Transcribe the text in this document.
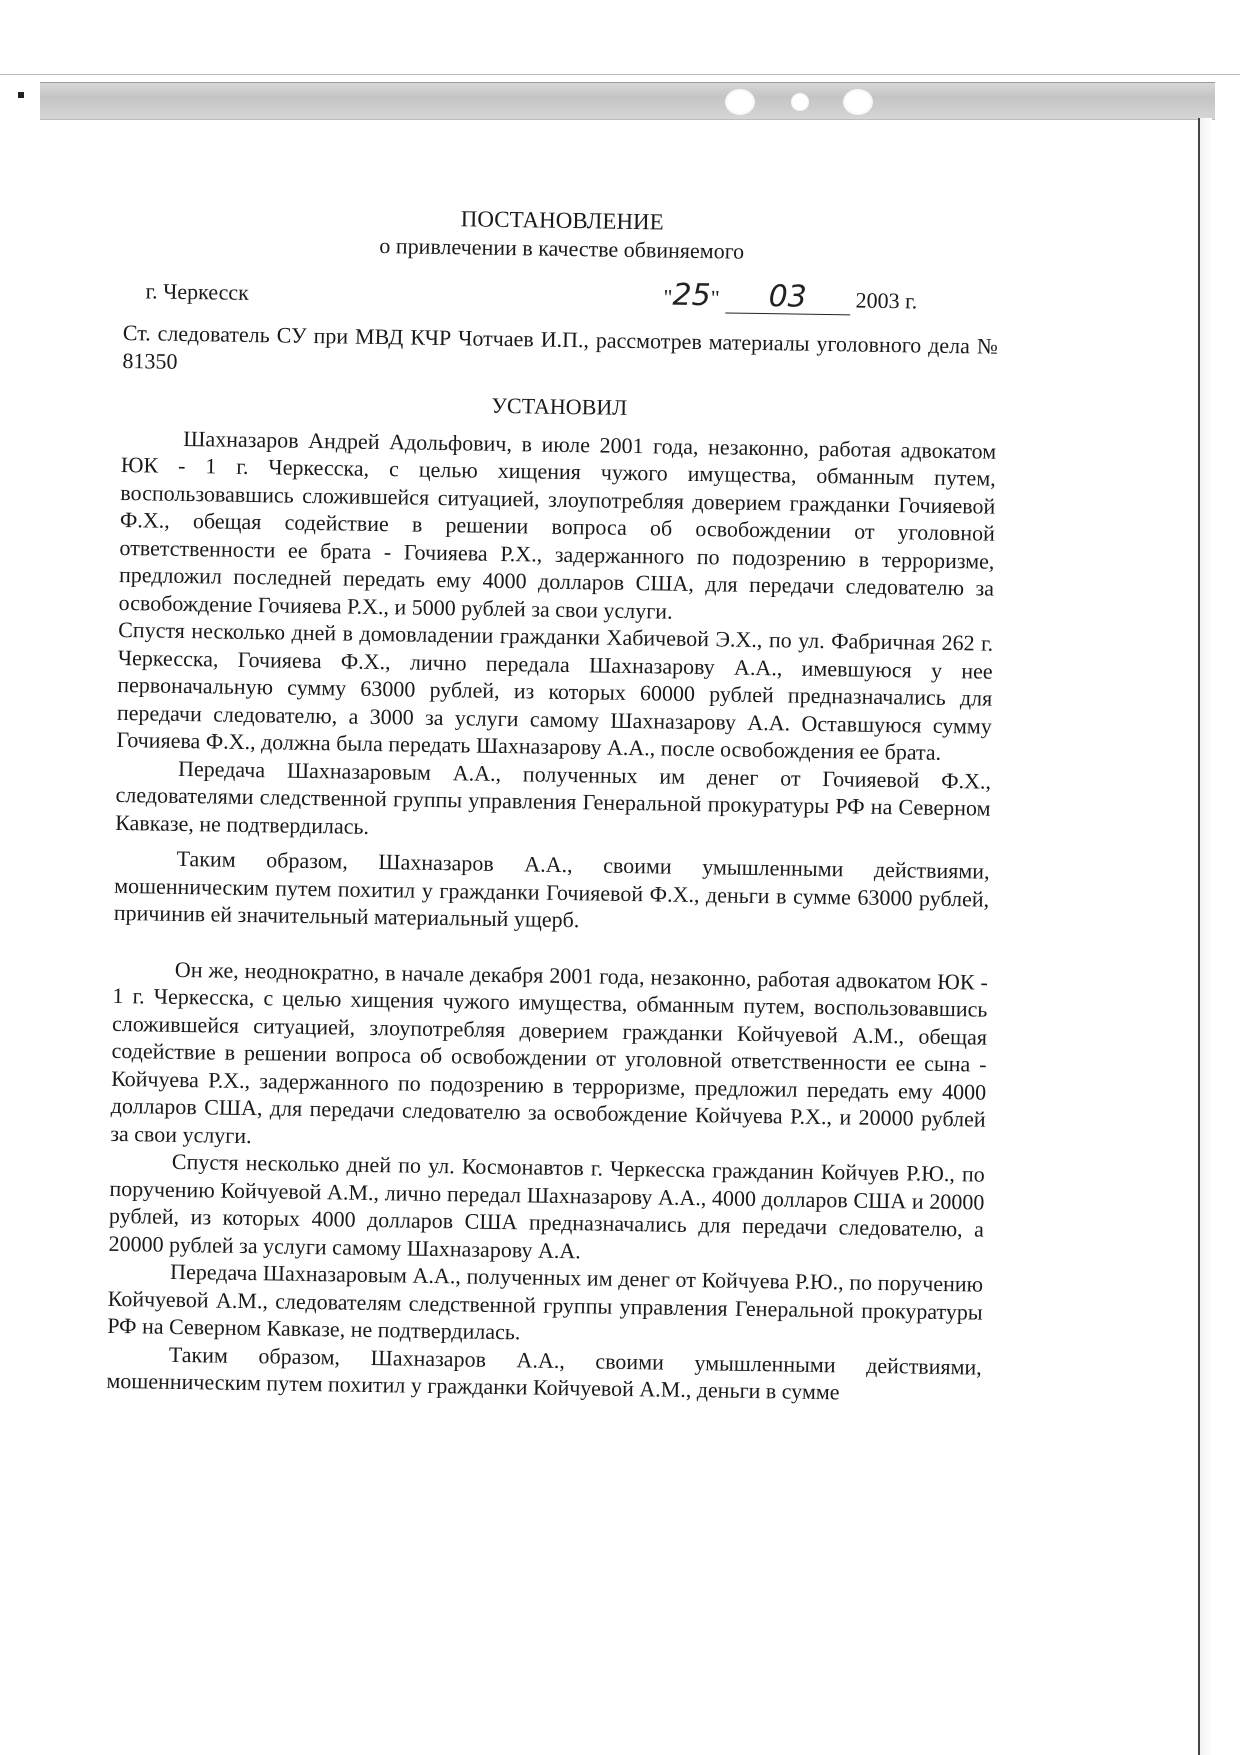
ПОСТАНОВЛЕНИЕ

о привлечении в качестве обвиняемого

г. Черкесск	"25" 03 2003 г.

Ст. следователь СУ при МВД КЧР Чотчаев И.П., рассмотрев материалы уголовного дела № 81350

УСТАНОВИЛ

Шахназаров Андрей Адольфович, в июле 2001 года, незаконно, работая адвокатом ЮК - 1 г. Черкесска, с целью хищения чужого имущества, обманным путем, воспользовавшись сложившейся ситуацией, злоупотребляя доверием гражданки Гочияевой Ф.Х., обещая содействие в решении вопроса об освобождении от уголовной ответственности ее брата - Гочияева Р.Х., задержанного по подозрению в терроризме, предложил последней передать ему 4000 долларов США, для передачи следователю за освобождение Гочияева Р.Х., и 5000 рублей за свои услуги.

Спустя несколько дней в домовладении гражданки Хабичевой Э.Х., по ул. Фабричная 262 г. Черкесска, Гочияева Ф.Х., лично передала Шахназарову А.А., имевшуюся у нее первоначальную сумму 63000 рублей, из которых 60000 рублей предназначались для передачи следователю, а 3000 за услуги самому Шахназарову А.А. Оставшуюся сумму Гочияева Ф.Х., должна была передать Шахназарову А.А., после освобождения ее брата.

Передача Шахназаровым А.А., полученных им денег от Гочияевой Ф.Х., следователями следственной группы управления Генеральной прокуратуры РФ на Северном Кавказе, не подтвердилась.

Таким образом, Шахназаров А.А., своими умышленными действиями, мошенническим путем похитил у гражданки Гочияевой Ф.Х., деньги в сумме 63000 рублей, причинив ей значительный материальный ущерб.

Он же, неоднократно, в начале декабря 2001 года, незаконно, работая адвокатом ЮК - 1 г. Черкесска, с целью хищения чужого имущества, обманным путем, воспользовавшись сложившейся ситуацией, злоупотребляя доверием гражданки Койчуевой А.М., обещая содействие в решении вопроса об освобождении от уголовной ответственности ее сына - Койчуева Р.Х., задержанного по подозрению в терроризме, предложил передать ему 4000 долларов США, для передачи следователю за освобождение Койчуева Р.Х., и 20000 рублей за свои услуги.

Спустя несколько дней по ул. Космонавтов г. Черкесска гражданин Койчуев Р.Ю., по поручению Койчуевой А.М., лично передал Шахназарову А.А., 4000 долларов США и 20000 рублей, из которых 4000 долларов США предназначались для передачи следователю, а 20000 рублей за услуги самому Шахназарову А.А.

Передача Шахназаровым А.А., полученных им денег от Койчуева Р.Ю., по поручению Койчуевой А.М., следователям следственной группы управления Генеральной прокуратуры РФ на Северном Кавказе, не подтвердилась.

Таким образом, Шахназаров А.А., своими умышленными действиями, мошенническим путем похитил у гражданки Койчуевой А.М., деньги в сумме
